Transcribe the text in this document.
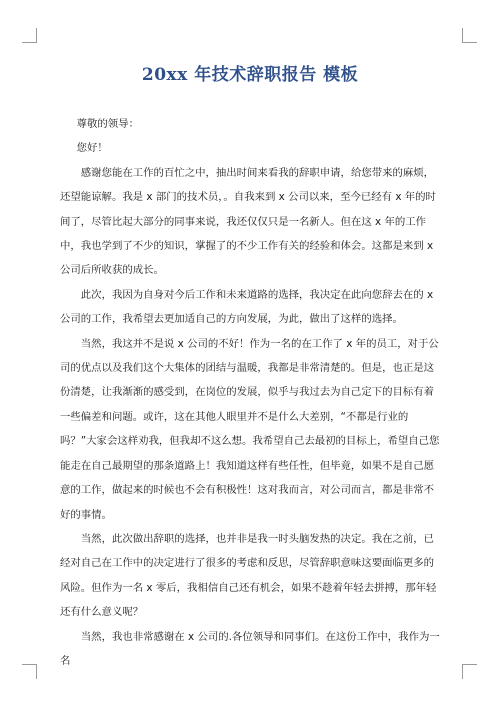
20xx 年技术辞职报告 模板

尊敬的领导：

您好！

感谢您能在工作的百忙之中，抽出时间来看我的辞职申请，给您带来的麻烦，还望能谅解。我是 x 部门的技术员，。自我来到 x 公司以来，至今已经有 x 年的时间了，尽管比起大部分的同事来说，我还仅仅只是一名新人。但在这 x 年的工作中，我也学到了不少的知识，掌握了的不少工作有关的经验和体会。这都是来到 x 公司后所收获的成长。

此次，我因为自身对今后工作和未来道路的选择，我决定在此向您辞去在的 x 公司的工作，我希望去更加适自己的方向发展，为此，做出了这样的选择。

当然，我这并不是说 x 公司的不好！作为一名的在工作了 x 年的员工，对于公司的优点以及我们这个大集体的团结与温暖，我都是非常清楚的。但是，也正是这份清楚，让我渐渐的感受到，在岗位的发展，似乎与我过去为自己定下的目标有着一些偏差和问题。或许，这在其他人眼里并不是什么大差别，“不都是行业的吗？”大家会这样劝我，但我却不这么想。我希望自己去最初的目标上，希望自己您能走在自己最期望的那条道路上！我知道这样有些任性，但毕竟，如果不是自己愿意的工作，做起来的时候也不会有积极性！这对我而言，对公司而言，都是非常不好的事情。

当然，此次做出辞职的选择，也并非是我一时头脑发热的决定。我在之前，已经对自己在工作中的决定进行了很多的考虑和反思，尽管辞职意味这要面临更多的风险。但作为一名 x 零后，我相信自己还有机会，如果不趁着年轻去拼搏，那年轻还有什么意义呢？

当然，我也非常感谢在 x 公司的.各位领导和同事们。在这份工作中，我作为一名
